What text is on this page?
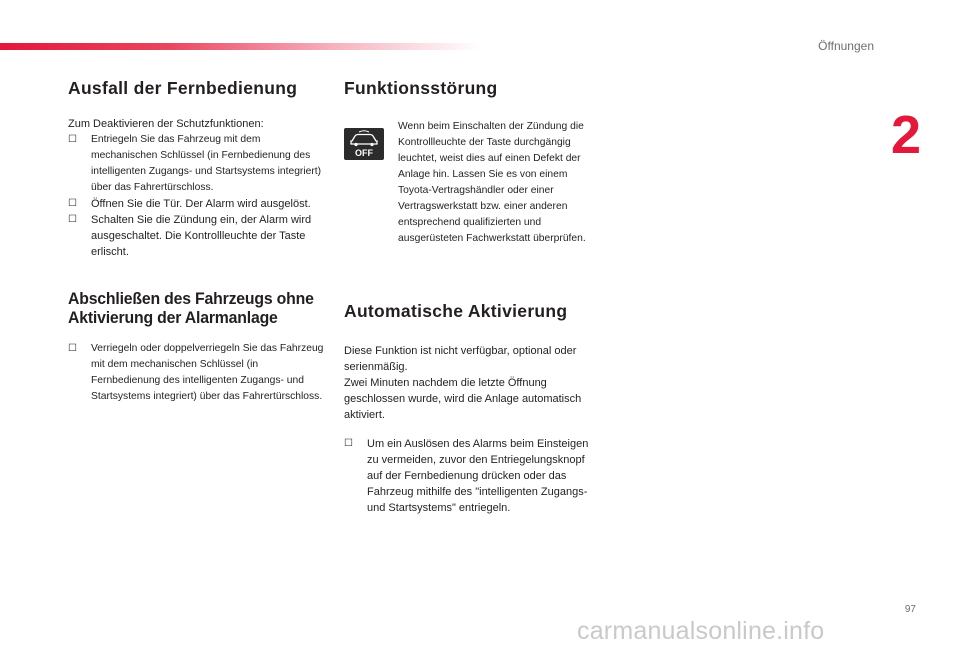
Öffnungen
2
Ausfall der Fernbedienung

Zum Deaktivieren der Schutzfunktionen:

☐ Entriegeln Sie das Fahrzeug mit dem mechanischen Schlüssel (in Fernbedienung des intelligenten Zugangs- und Startsystems integriert) über das Fahrertürschloss.
☐ Öffnen Sie die Tür. Der Alarm wird ausgelöst.
☐ Schalten Sie die Zündung ein, der Alarm wird ausgeschaltet. Die Kontrollleuchte der Taste erlischt.
Abschließen des Fahrzeugs ohne
Aktivierung der Alarmanlage
☐ Verriegeln oder doppelverriegeln Sie das Fahrzeug mit dem mechanischen Schlüssel (in Fernbedienung des intelligenten Zugangs- und Startsystems integriert) über das Fahrertürschloss.
Funktionsstörung
OFF
Wenn beim Einschalten der Zündung die Kontrollleuchte der Taste durchgängig leuchtet, weist dies auf einen Defekt der Anlage hin. Lassen Sie es von einem Toyota-Vertragshändler oder einer Vertragswerkstatt bzw. einer anderen entsprechend qualifizierten und ausgerüsteten Fachwerkstatt überprüfen.
Automatische Aktivierung

Diese Funktion ist nicht verfügbar, optional oder serienmäßig.

Zwei Minuten nachdem die letzte Öffnung geschlossen wurde, wird die Anlage automatisch aktiviert.

☐ Um ein Auslösen des Alarms beim Einsteigen zu vermeiden, zuvor den Entriegelungsknopf auf der Fernbedienung drücken oder das Fahrzeug mithilfe des "intelligenten Zugangs- und Startsystems" entriegeln.
97
carmanualsonline.info
